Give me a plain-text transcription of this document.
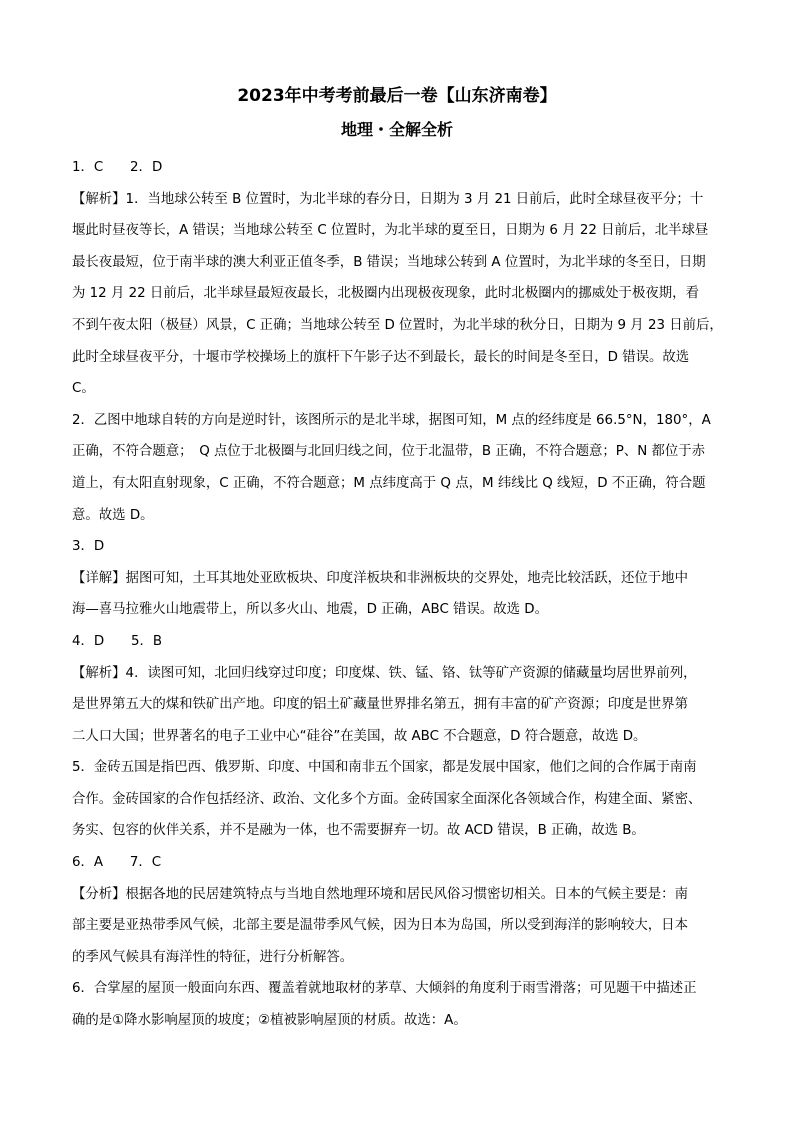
2023年中考考前最后一卷【山东济南卷】
地理・全解全析
1．C　　2．D
【解析】1．当地球公转至 B 位置时，为北半球的春分日，日期为 3 月 21 日前后，此时全球昼夜平分；十
堰此时昼夜等长，A 错误；当地球公转至 C 位置时，为北半球的夏至日，日期为 6 月 22 日前后，北半球昼
最长夜最短，位于南半球的澳大利亚正值冬季，B 错误；当地球公转到 A 位置时，为北半球的冬至日，日期
为 12 月 22 日前后，北半球昼最短夜最长，北极圈内出现极夜现象，此时北极圈内的挪威处于极夜期，看
不到午夜太阳（极昼）风景，C 正确；当地球公转至 D 位置时，为北半球的秋分日，日期为 9 月 23 日前后，
此时全球昼夜平分，十堰市学校操场上的旗杆下午影子达不到最长，最长的时间是冬至日，D 错误。故选
C。
2．乙图中地球自转的方向是逆时针，该图所示的是北半球，据图可知，M 点的经纬度是 66.5°N，180°，A
正确，不符合题意；　Q 点位于北极圈与北回归线之间，位于北温带，B 正确，不符合题意；P、N 都位于赤
道上，有太阳直射现象，C 正确，不符合题意；M 点纬度高于 Q 点，M 纬线比 Q 线短，D 不正确，符合题
意。故选 D。
3．D
【详解】据图可知，土耳其地处亚欧板块、印度洋板块和非洲板块的交界处，地壳比较活跃，还位于地中
海—喜马拉雅火山地震带上，所以多火山、地震，D 正确，ABC 错误。故选 D。
4．D　　5．B
【解析】4．读图可知，北回归线穿过印度；印度煤、铁、锰、铬、钛等矿产资源的储藏量均居世界前列，
是世界第五大的煤和铁矿出产地。印度的铝土矿藏量世界排名第五，拥有丰富的矿产资源；印度是世界第
二人口大国；世界著名的电子工业中心“硅谷”在美国，故 ABC 不合题意，D 符合题意，故选 D。
5．金砖五国是指巴西、俄罗斯、印度、中国和南非五个国家，都是发展中国家，他们之间的合作属于南南
合作。金砖国家的合作包括经济、政治、文化多个方面。金砖国家全面深化各领域合作，构建全面、紧密、
务实、包容的伙伴关系，并不是融为一体，也不需要摒弃一切。故 ACD 错误，B 正确，故选 B。
6．A　　7．C
【分析】根据各地的民居建筑特点与当地自然地理环境和居民风俗习惯密切相关。日本的气候主要是：南
部主要是亚热带季风气候，北部主要是温带季风气候，因为日本为岛国，所以受到海洋的影响较大，日本
的季风气候具有海洋性的特征，进行分析解答。
6．合掌屋的屋顶一般面向东西、覆盖着就地取材的茅草、大倾斜的角度利于雨雪滑落；可见题干中描述正
确的是①降水影响屋顶的坡度；②植被影响屋顶的材质。故选：A。
